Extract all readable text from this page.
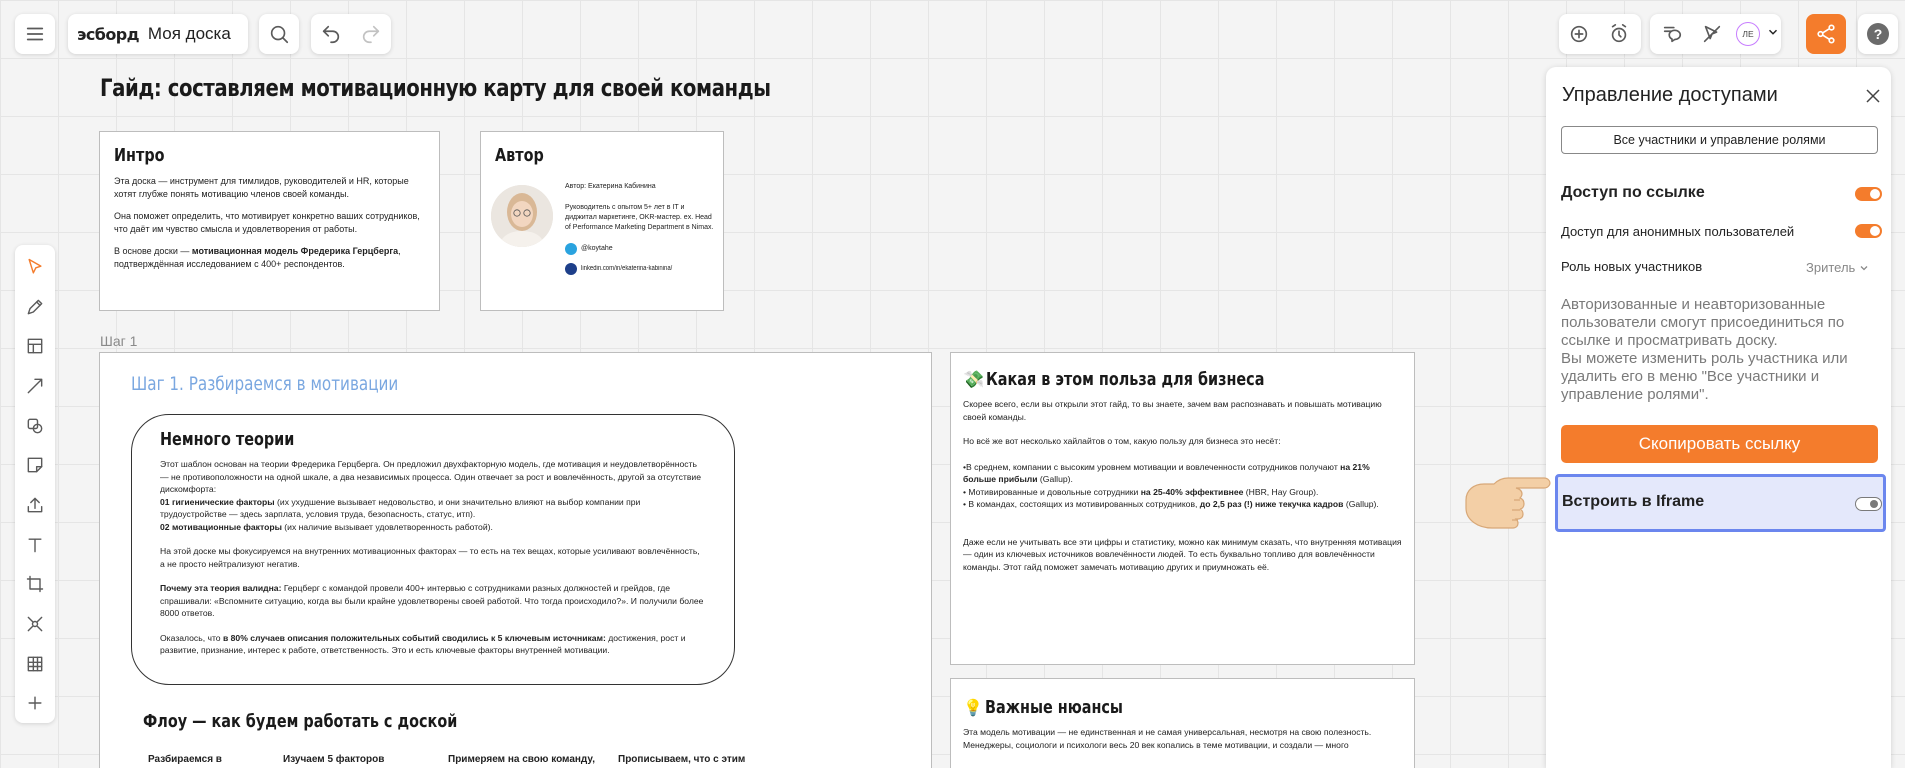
эсборд Моя доска	ЛЕ	?
Гайд: составляем мотивационную карту для своей команды
Интро
Эта доска — инструмент для тимлидов, руководителей и HR, которые хотят глубже понять мотивацию членов своей команды.
Она поможет определить, что мотивирует конкретно ваших сотрудников, что даёт им чувство смысла и удовлетворения от работы.
В основе доски — мотивационная модель Фредерика Герцберга, подтверждённая исследованием с 400+ респондентов.
Автор
Автор: Екатерина Кабинина
Руководитель с опытом 5+ лет в IT и диджитал маркетинге, OKR-мастер. ex. Head of Performance Marketing Department в Nimax.
@koytahe
linkedin.com/in/ekaterina-kabinina/
Шаг 1
Шаг 1. Разбираемся в мотивации
Немного теории
Этот шаблон основан на теории Фредерика Герцберга. Он предложил двухфакторную модель, где мотивация и неудовлетворённость — не противоположности на одной шкале, а два независимых процесса. Один отвечает за рост и вовлечённость, другой за отсутствие дискомфорта:
01 гигиенические факторы (их ухудшение вызывает недовольство, и они значительно влияют на выбор компании при трудоустройстве — здесь зарплата, условия труда, безопасность, статус, итп).
02 мотивационные факторы (их наличие вызывает удовлетворенность работой).
На этой доске мы фокусируемся на внутренних мотивационных факторах — то есть на тех вещах, которые усиливают вовлечённость, а не просто нейтрализуют негатив.
Почему эта теория валидна: Герцберг с командой провели 400+ интервью с сотрудниками разных должностей и грейдов, где спрашивали: «Вспомните ситуацию, когда вы были крайне удовлетворены своей работой. Что тогда происходило?». И получили более 8000 ответов.
Оказалось, что в 80% случаев описания положительных событий сводились к 5 ключевым источникам: достижения, рост и развитие, признание, интерес к работе, ответственность. Это и есть ключевые факторы внутренней мотивации.
Флоу — как будем работать с доской
Разбираемся в	Изучаем 5 факторов	Примеряем на свою команду, Прописываем, что с этим
💸 Какая в этом польза для бизнеса
Скорее всего, если вы открыли этот гайд, то вы знаете, зачем вам распознавать и повышать мотивацию своей команды.
Но всё же вот несколько хайлайтов о том, какую пользу для бизнеса это несёт:
•В среднем, компании с высоким уровнем мотивации и вовлеченности сотрудников получают на 21% больше прибыли (Gallup).
• Мотивированные и довольные сотрудники на 25-40% эффективнее (HBR, Hay Group).
• В командах, состоящих из мотивированных сотрудников, до 2,5 раз (!) ниже текучка кадров (Gallup).
Даже если не учитывать все эти цифры и статистику, можно как минимум сказать, что внутренняя мотивация — один из ключевых источников вовлечённости людей. То есть буквально топливо для вовлечённости команды. Этот гайд поможет замечать мотивацию других и приумножать её.
💡 Важные нюансы
Эта модель мотивации — не единственная и не самая универсальная, несмотря на свою полезность. Менеджеры, социологи и психологи весь 20 век копались в теме мотивации, и создали — много
Управление доступами
Все участники и управление ролями
Доступ по ссылке
Доступ для анонимных пользователей
Роль новых участников	Зритель
Авторизованные и неавторизованные пользователи смогут присоединиться по ссылке и просматривать доску.
Вы можете изменить роль участника или удалить его в меню "Все участники и управление ролями".
Скопировать ссылку
Встроить в Iframe
